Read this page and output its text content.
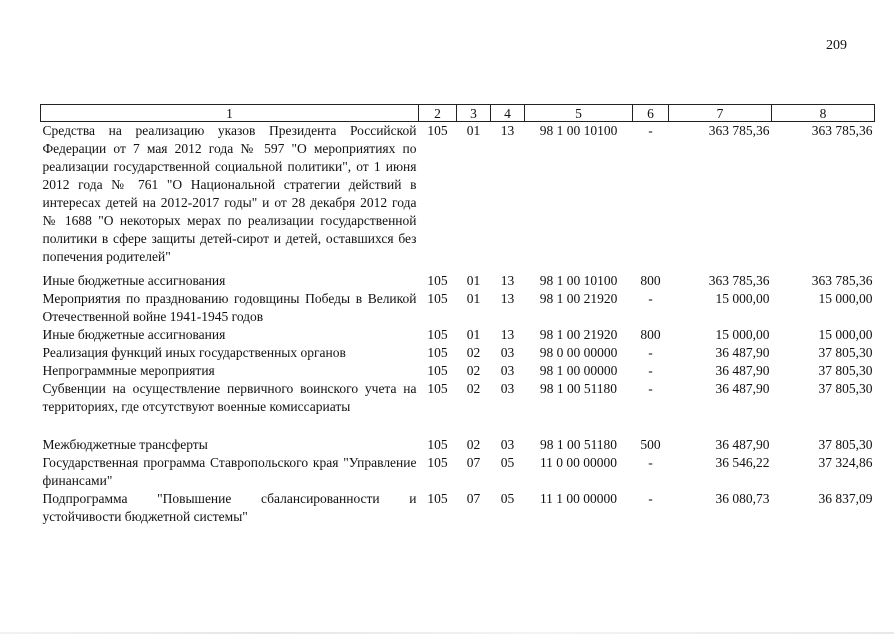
209
1	2	3	4	5	6	7	8
Средства на реализацию указов Президента Российской Федерации от 7 мая 2012 года № 597 "О мероприятиях по реализации государственной социальной политики", от 1 июня 2012 года № 761 "О Национальной стратегии действий в интересах детей на 2012-2017 годы" и от 28 декабря 2012 года № 1688 "О некоторых мерах по реализации государственной политики в сфере защиты детей-сирот и детей, оставшихся без попечения родителей"	105	01	13	98 1 00 10100	-	363 785,36	363 785,36

Иные бюджетные ассигнования	105	01	13	98 1 00 10100	800	363 785,36	363 785,36
Мероприятия по празднованию годовщины Победы в Великой Отечественной войне 1941-1945 годов	105	01	13	98 1 00 21920	-	15 000,00	15 000,00
Иные бюджетные ассигнования	105	01	13	98 1 00 21920	800	15 000,00	15 000,00
Реализация функций иных государственных органов	105	02	03	98 0 00 00000	-	36 487,90	37 805,30
Непрограммные мероприятия	105	02	03	98 1 00 00000	-	36 487,90	37 805,30
Субвенции на осуществление первичного воинского учета на территориях, где отсутствуют военные комиссариаты	105	02	03	98 1 00 51180	-	36 487,90	37 805,30

Межбюджетные трансферты	105	02	03	98 1 00 51180	500	36 487,90	37 805,30
Государственная программа Ставропольского края "Управление финансами"	105	07	05	11 0 00 00000	-	36 546,22	37 324,86
Подпрограмма "Повышение сбалансированности и устойчивости бюджетной системы"	105	07	05	11 1 00 00000	-	36 080,73	36 837,09
